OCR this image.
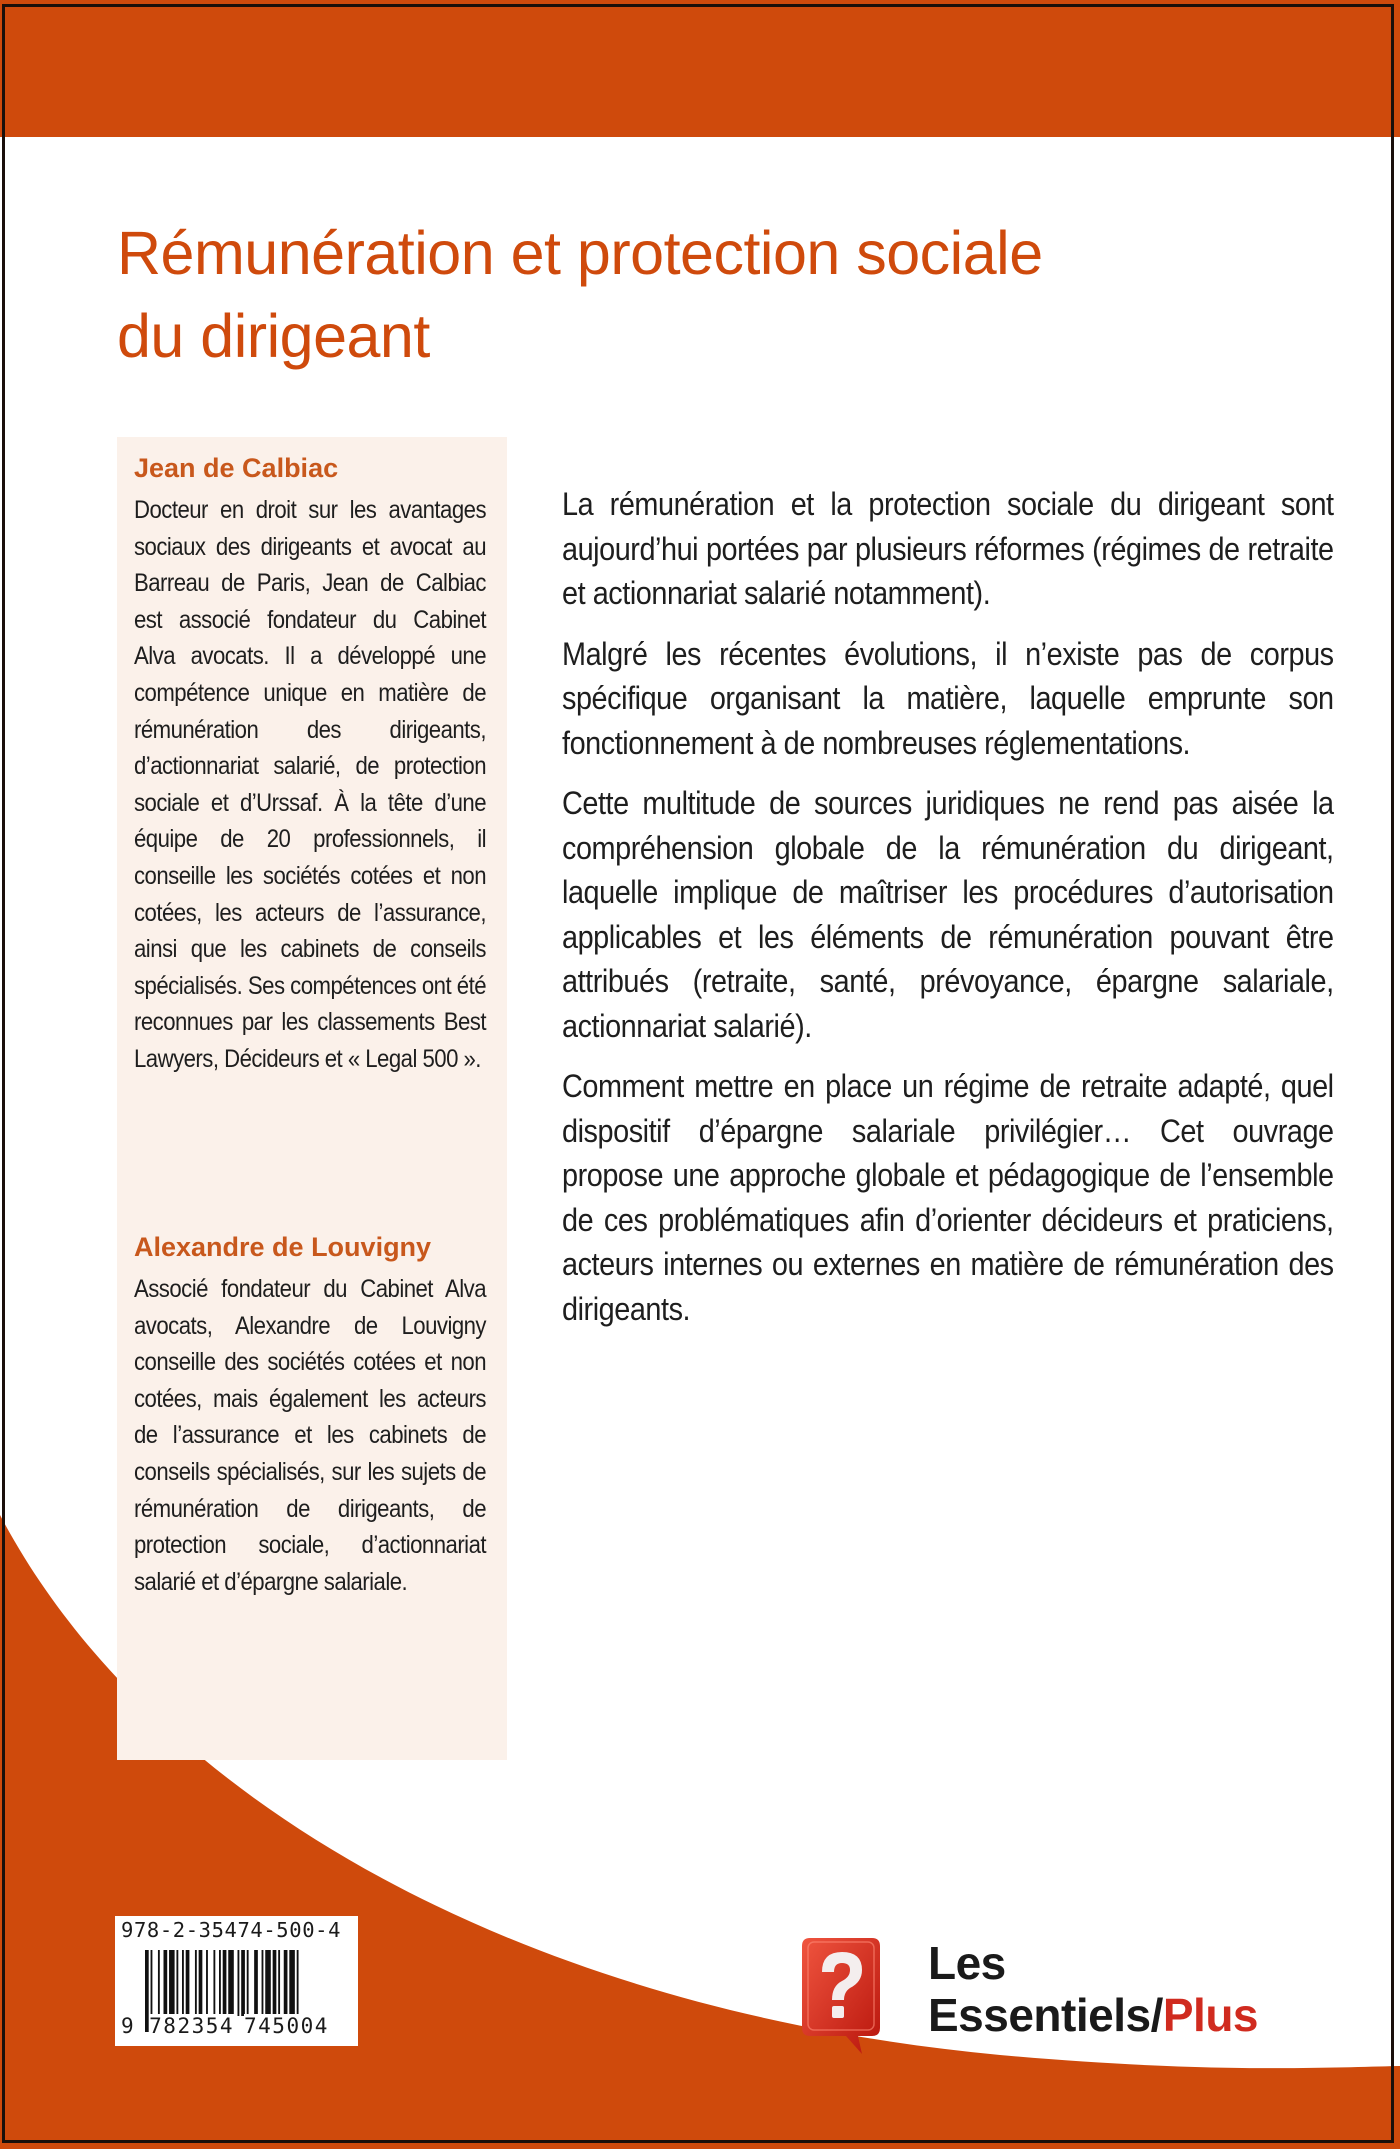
Rémunération et protection sociale
du dirigeant
Jean de Calbiac
Docteur en droit sur les avantages sociaux des dirigeants et avocat au Barreau de Paris, Jean de Calbiac est associé fondateur du Cabinet Alva avocats. Il a développé une compétence unique en matière de rémunération des dirigeants, d’actionnariat salarié, de protection sociale et d’Urssaf. À la tête d’une équipe de 20 professionnels, il conseille les sociétés cotées et non cotées, les acteurs de l’assurance, ainsi que les cabinets de conseils spécialisés. Ses compétences ont été reconnues par les classements Best Lawyers, Décideurs et « Legal 500 ».
Alexandre de Louvigny
Associé fondateur du Cabinet Alva avocats, Alexandre de Louvigny conseille des sociétés cotées et non cotées, mais également les acteurs de l’assurance et les cabinets de conseils spécialisés, sur les sujets de rémunération de dirigeants, de protection sociale, d’actionnariat salarié et d’épargne salariale.

La rémunération et la protection sociale du dirigeant sont aujourd’hui portées par plusieurs réformes (régimes de retraite et actionnariat salarié notamment).

Malgré les récentes évolutions, il n’existe pas de corpus spécifique organisant la matière, laquelle emprunte son fonctionnement à de nombreuses réglementations.

Cette multitude de sources juridiques ne rend pas aisée la compréhension globale de la rémunération du dirigeant, laquelle implique de maîtriser les procédures d’autorisation applicables et les éléments de rémunération pouvant être attribués (retraite, santé, prévoyance, épargne salariale, actionnariat salarié).

Comment mettre en place un régime de retraite adapté, quel dispositif d’épargne salariale privilégier… Cet ouvrage propose une approche globale et pédagogique de l’ensemble de ces problématiques afin d’orienter décideurs et praticiens, acteurs internes ou externes en matière de rémunération des dirigeants.

978-2-35474-500-4
9 782354 745004
Les
Essentiels/Plus
